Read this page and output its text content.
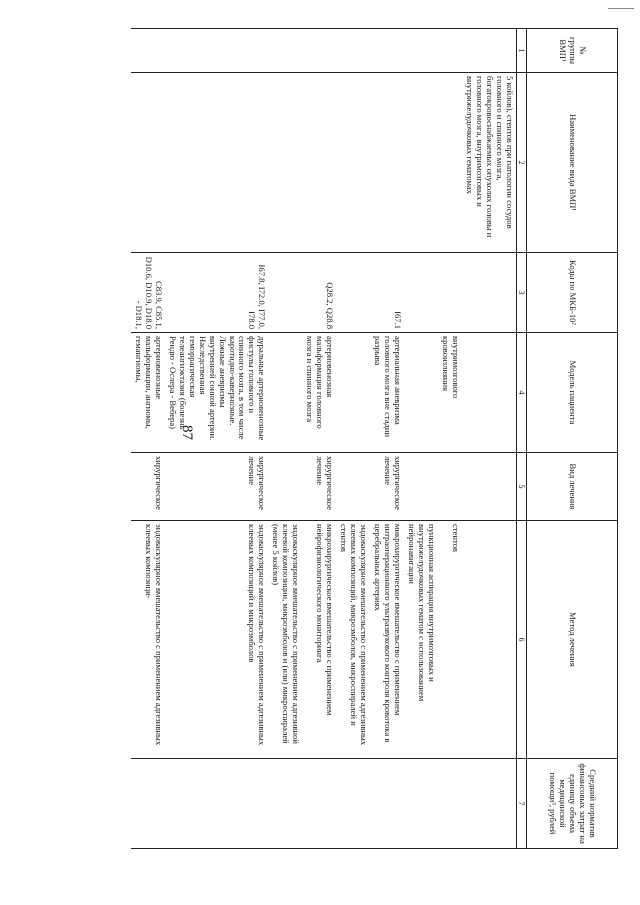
87
№ группы ВМП¹	Наименование вида ВМП¹	Коды по МКБ-10²	Модель пациента	Вид лечения	Метод лечения	Средний норматив финансовых затрат на единицу объема медицинской помощи³, рублей
1	2	3	4	5	6	7
	5 койлов), стентов при патологии сосудов головного и спинного мозга, богатокровоснабжаемых опухолях головы и головного мозга, внутримозговых и внутрижелудочковых гематомах					
			внутримозгового кровоизлияния		стентов	
					пункционная аспирация внутримозговых и внутрижелудочковых гематом с использованием нейронавигации	
		I67.1	артериальная аневризма головного мозга вне стадии разрыва	хирургическое лечение	микрохирургическое вмешательство с применением интраоперационного ультразвукового контроля кровотока в церебральных артериях	
					эндоваскулярное вмешательство с применением адгезивных клеевых композиций, микроэмболов, микроспиралей и стентов	
		Q28.2, Q28.8	артериовенозная мальформация головного мозга и спинного мозга	хирургическое лечение	микрохирургическое вмешательство с применением нейрофизиологического мониторинга	
					эндоваскулярное вмешательство с применением адгезивной клеевой композиции, микроэмболов и (или) микроспиралей (менее 5 койлов)	
		I67.8, I72.0, I77.0, I78.0	дуральные артериовенозные фистулы головного и спинного мозга, в том числе каротидно-кавернозные. Ложные аневризмы внутренней сонной артерии. Наследственная геморрагическая телеангиэктазия (болезнь Рендю - Ослера - Вебера)	хирургическое лечение	эндоваскулярное вмешательство с применением адгезивных клеевых композиций и микроэмболов	
		C83.9, C85.1, D10.6, D10.9, D18.0 - D18.1,	артериовенозные мальформации, ангиомы, гемангиомы,	хирургическое	эндоваскулярное вмешательство с применением адгезивных клеевых композици-	
